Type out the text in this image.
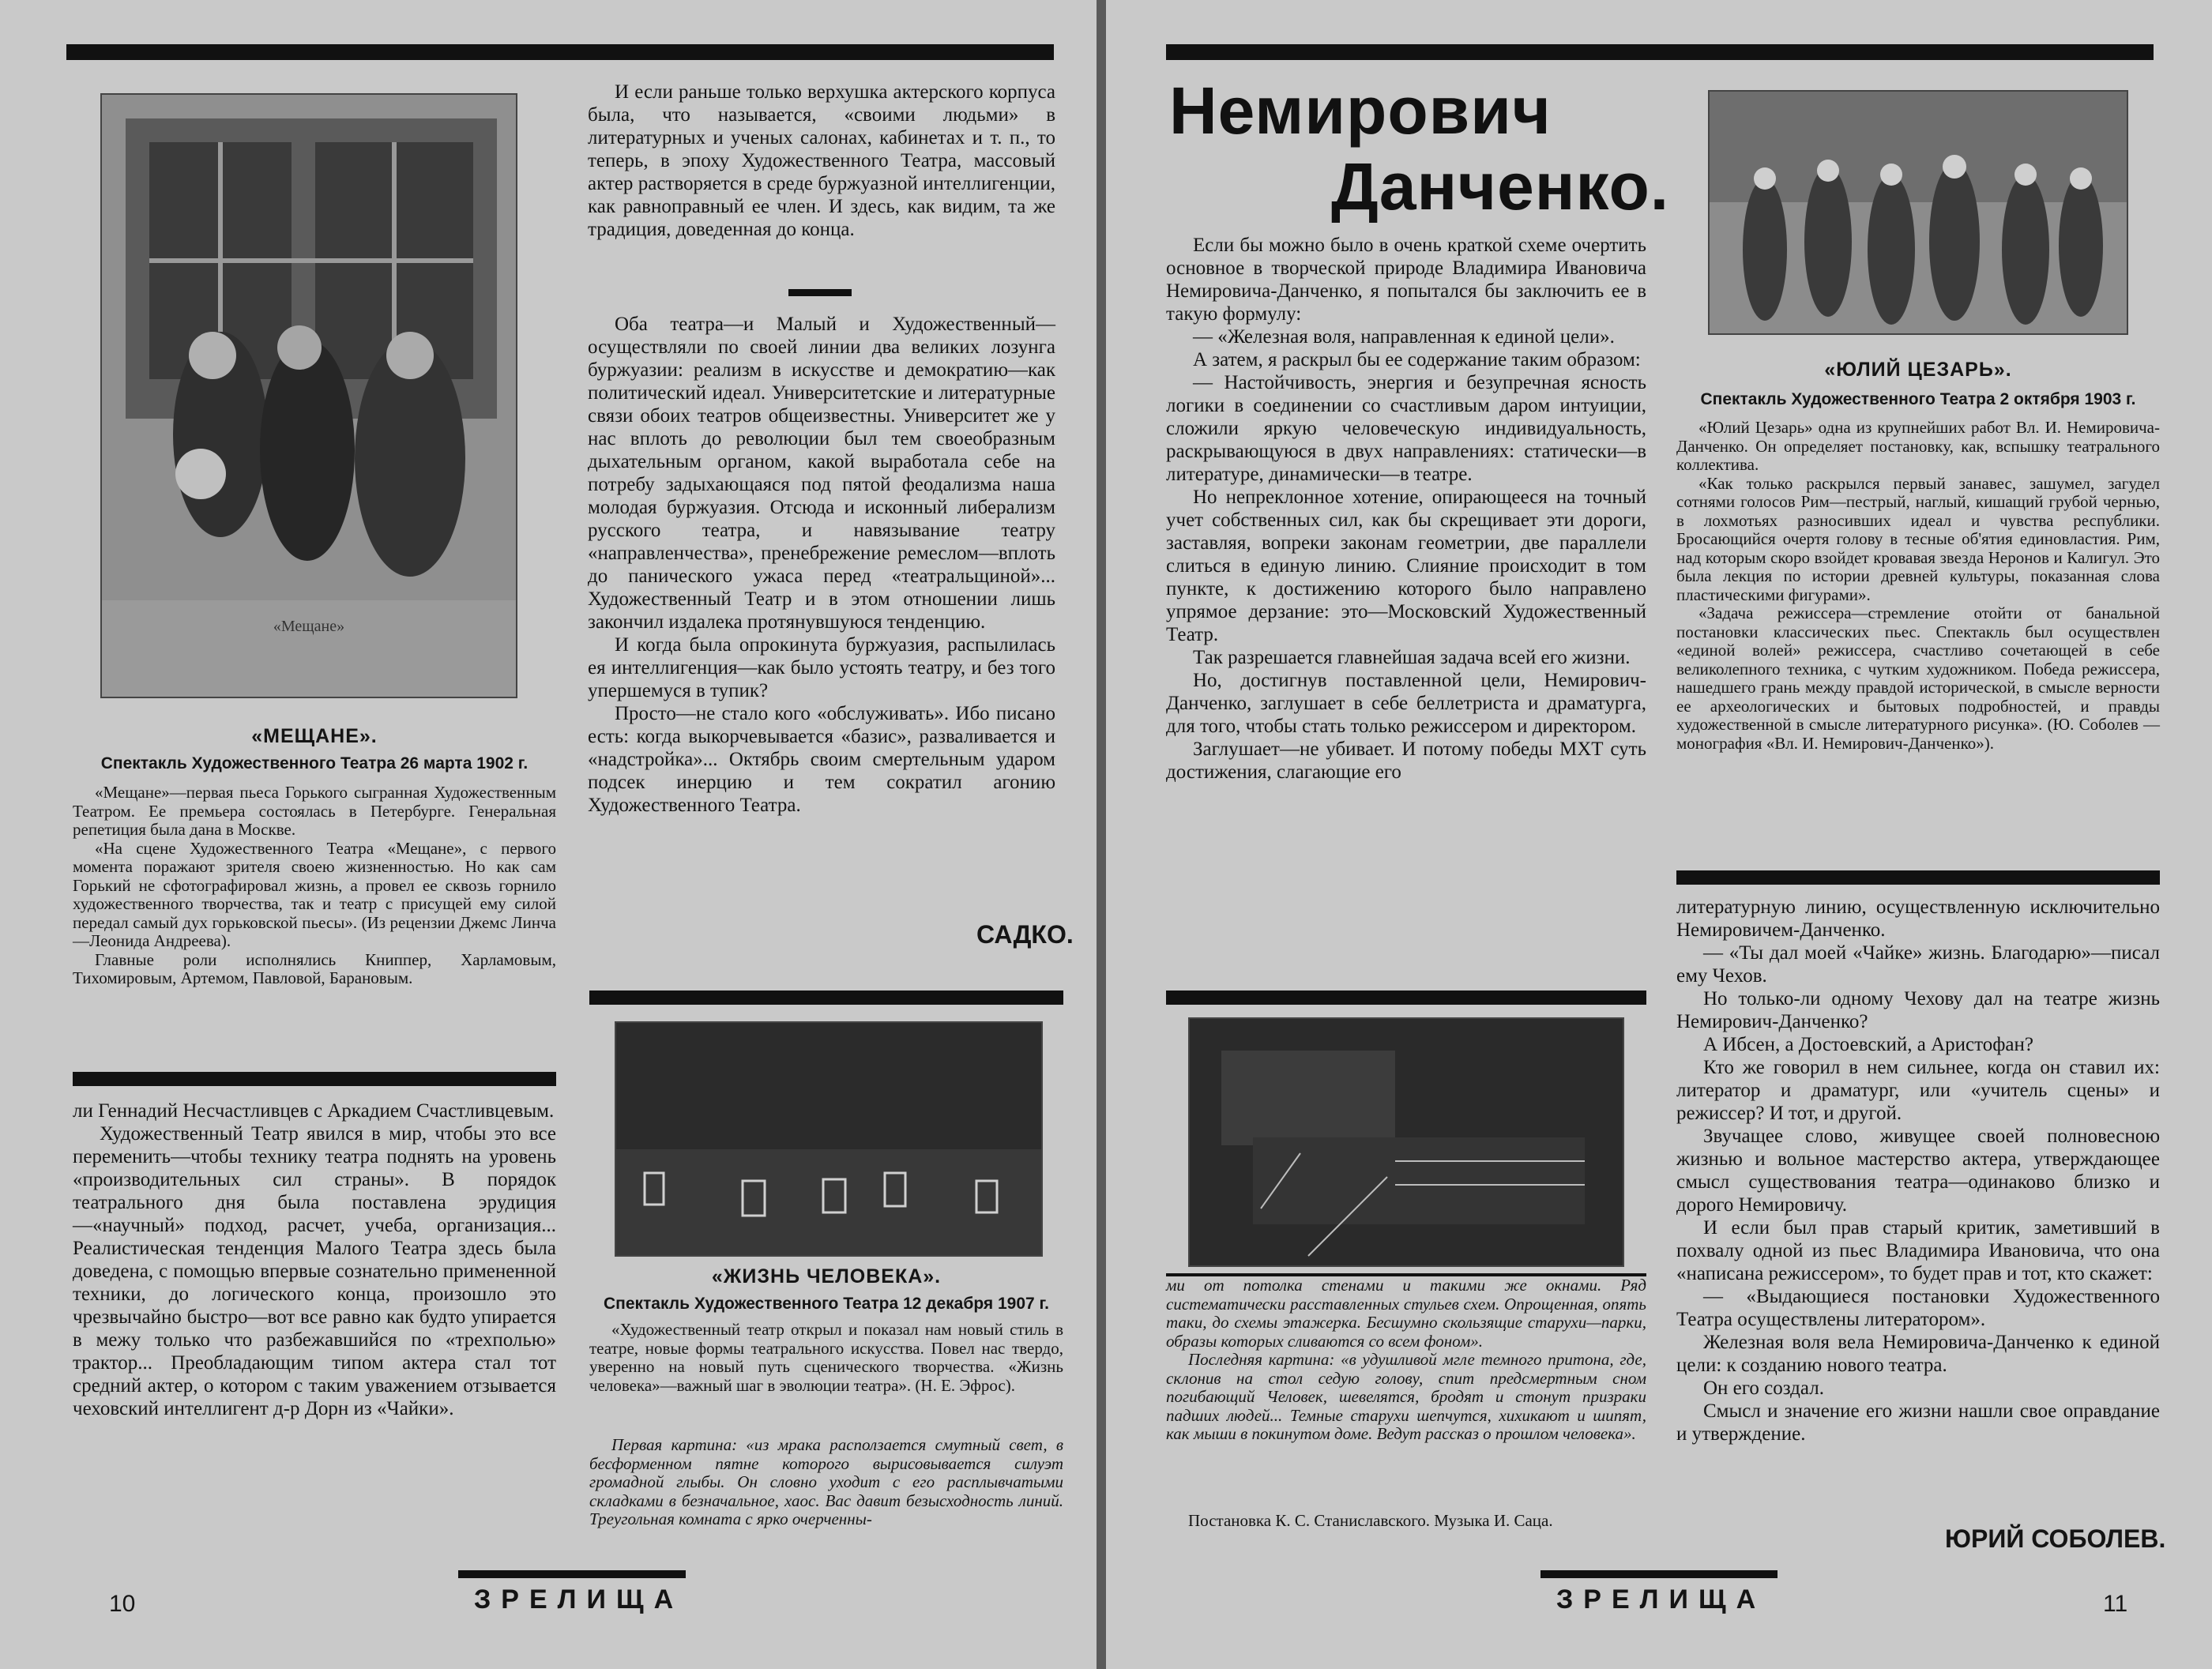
«Мещане»
«МЕЩАНЕ».
Спектакль Художественного Театра 26 марта 1902 г.

«Мещане»—первая пьеса Горького сыгранная Художественным Театром. Ее премьера состоялась в Петербурге. Генеральная репетиция была дана в Москве.

«На сцене Художественного Театра «Мещане», с первого момента поражают зрителя своею жизненностью. Но как сам Горький не сфотографировал жизнь, а провел ее сквозь горнило художественного творчества, так и театр с присущей ему силой передал самый дух горьковской пьесы». (Из рецензии Джемс Линча—Леонида Андреева).

Главные роли исполнялись Книппер, Харламовым, Тихомировым, Артемом, Павловой, Барановым.

ли Геннадий Несчастливцев с Аркадием Счастливцевым.

Художественный Театр явился в мир, чтобы это все переменить—чтобы технику театра поднять на уровень «производительных сил страны». В порядок театрального дня была поставлена эрудиция—«научный» подход, расчет, учеба, организация... Реалистическая тенденция Малого Театра здесь была доведена, с помощью впервые сознательно примененной техники, до логического конца, произошло это чрезвычайно быстро—вот все равно как будто упирается в межу только что разбежавшийся по «трехполью» трактор... Преобладающим типом актера стал тот средний актер, о котором с таким уважением отзывается чеховский интеллигент д-р Дорн из «Чайки».

И если раньше только верхушка актерского корпуса была, что называется, «своими людьми» в литературных и ученых салонах, кабинетах и т. п., то теперь, в эпоху Художественного Театра, массовый актер растворяется в среде буржуазной интеллигенции, как равноправный ее член. И здесь, как видим, та же традиция, доведенная до конца.

Оба театра—и Малый и Художественный—осуществляли по своей линии два великих лозунга буржуазии: реализм в искусстве и демократию—как политический идеал. Университетские и литературные связи обоих театров общеизвестны. Университет же у нас вплоть до революции был тем своеобразным дыхательным органом, какой выработала себе на потребу задыхающаяся под пятой феодализма наша молодая буржуазия. Отсюда и исконный либерализм русского театра, и навязывание театру «направленчества», пренебрежение ремеслом—вплоть до панического ужаса перед «театральщиной»... Художественный Театр и в этом отношении лишь закончил издалека протянувшуюся тенденцию.

И когда была опрокинута буржуазия, распылилась ея интеллигенция—как было устоять театру, и без того упершемуся в тупик?

Просто—не стало кого «обслуживать». Ибо писано есть: когда выкорчевывается «базис», разваливается и «надстройка»... Октябрь своим смертельным ударом подсек инерцию и тем сократил агонию Художественного Театра.

САДКО.
«ЖИЗНЬ ЧЕЛОВЕКА».
Спектакль Художественного Театра 12 декабря 1907 г.
«Художественный театр открыл и показал нам новый стиль в театре, новые формы театрального искусства. Повел нас твердо, уверенно на новый путь сценического творчества. «Жизнь человека»—важный шаг в эволюции театра». (Н. Е. Эфрос).
Первая картина: «из мрака расползается смутный свет, в бесформенном пятне которого вырисовывается силуэт громадной глыбы. Он словно уходит с его расплывчатыми складками в безначальное, хаос. Вас давит безысходность линий. Треугольная комната с ярко очерченны-
ЗРЕЛИЩА
10
Немирович
Данченко.

Если бы можно было в очень краткой схеме очертить основное в творческой природе Владимира Ивановича Немировича-Данченко, я попытался бы заключить ее в такую формулу:

— «Железная воля, направленная к единой цели».

А затем, я раскрыл бы ее содержание таким образом:

— Настойчивость, энергия и безупречная ясность логики в соединении со счастливым даром интуиции, сложили яркую человеческую индивидуальность, раскрывающуюся в двух направлениях: статически—в литературе, динамически—в театре.

Но непреклонное хотение, опирающееся на точный учет собственных сил, как бы скрещивает эти дороги, заставляя, вопреки законам геометрии, две параллели слиться в единую линию. Слияние происходит в том пункте, к достижению которого было направлено упрямое дерзание: это—Московский Художественный Театр.

Так разрешается главнейшая задача всей его жизни.

Но, достигнув поставленной цели, Немирович-Данченко, заглушает в себе беллетриста и драматурга, для того, чтобы стать только режиссером и директором.

Заглушает—не убивает. И потому победы МХТ суть достижения, слагающие его

ми от потолка стенами и такими же окнами. Ряд систематически расставленных стульев схем. Опрощенная, опять таки, до схемы этажерка. Бесшумно скользящие старухи—парки, образы которых сливаются со всем фоном».

Последняя картина: «в удушливой мгле темного притона, где, склонив на стол седую голову, спит предсмертным сном погибающий Человек, шевелятся, бродят и стонут призраки падших людей... Темные старухи шепчутся, хихикают и шипят, как мыши в покинутом доме. Ведут рассказ о прошлом человека».

Постановка К. С. Станиславского. Музыка И. Саца.
«ЮЛИЙ ЦЕЗАРЬ».
Спектакль Художественного Театра 2 октября 1903 г.

«Юлий Цезарь» одна из крупнейших работ Вл. И. Немировича-Данченко. Он определяет постановку, как, вспышку театрального коллектива.

«Как только раскрылся первый занавес, зашумел, загудел сотнями голосов Рим—пестрый, наглый, кишащий грубой чернью, в лохмотьях разносивших идеал и чувства республики. Бросающийся очертя голову в тесные об'ятия единовластия. Рим, над которым скоро взойдет кровавая звезда Неронов и Калигул. Это была лекция по истории древней культуры, показанная слова пластическими фигурами».

«Задача режиссера—стремление отойти от банальной постановки классических пьес. Спектакль был осуществлен «единой волей» режиссера, счастливо сочетающей в себе великолепного техника, с чутким художником. Победа режиссера, нашедшего грань между правдой исторической, в смысле верности ее археологических и бытовых подробностей, и правды художественной в смысле литературного рисунка». (Ю. Соболев — монография «Вл. И. Немирович-Данченко»).

литературную линию, осуществленную исключительно Немировичем-Данченко.

— «Ты дал моей «Чайке» жизнь. Благодарю»—писал ему Чехов.

Но только-ли одному Чехову дал на театре жизнь Немирович-Данченко?

А Ибсен, а Достоевский, а Аристофан?

Кто же говорил в нем сильнее, когда он ставил их: литератор и драматург, или «учитель сцены» и режиссер? И тот, и другой.

Звучащее слово, живущее своей полновесною жизнью и вольное мастерство актера, утверждающее смысл существования театра—одинаково близко и дорого Немировичу.

И если был прав старый критик, заметивший в похвалу одной из пьес Владимира Ивановича, что она «написана режиссером», то будет прав и тот, кто скажет:

— «Выдающиеся постановки Художественного Театра осуществлены литератором».

Железная воля вела Немировича-Данченко к единой цели: к созданию нового театра.

Он его создал.

Смысл и значение его жизни нашли свое оправдание и утверждение.

ЮРИЙ СОБОЛЕВ.
ЗРЕЛИЩА	11
